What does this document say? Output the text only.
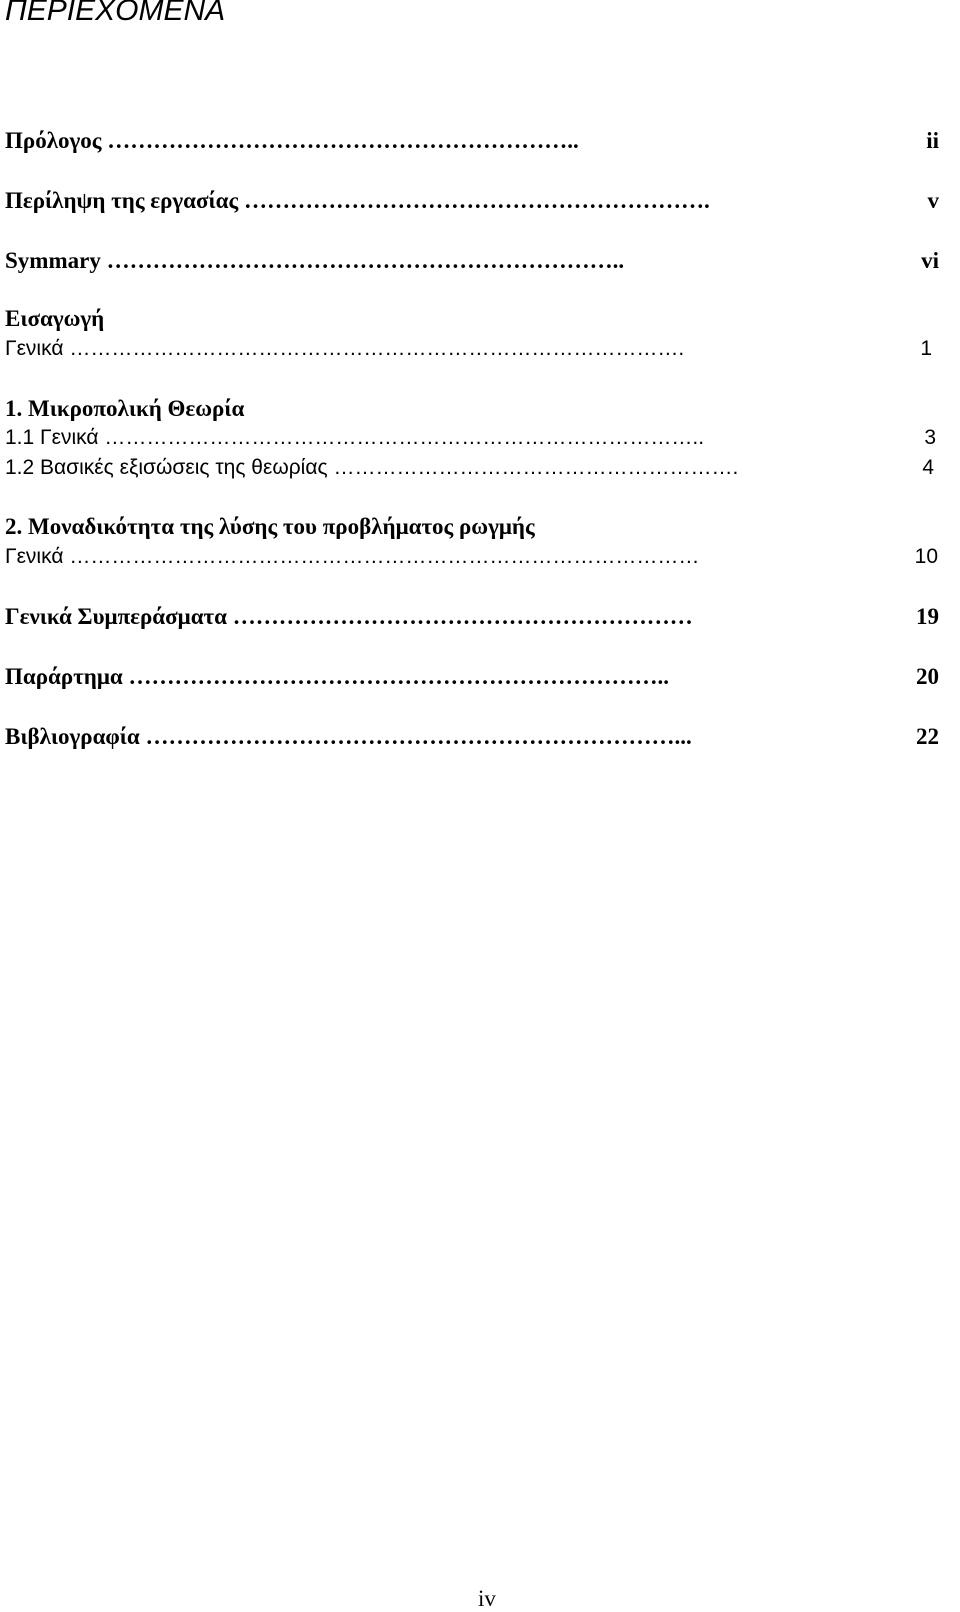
ΠΕΡΙΕΧΟΜΕΝΑ
Πρόλογος ……………………………………………………..	ii
Περίληψη της εργασίας …………………………………………………….	v
Symmary …………………………………………………………..	vi
Εισαγωγή
Γενικά …………………………………………………………………………….	1
1. Μικροπολική Θεωρία
1.1 Γενικά …………………………………………………………………………..	3
1.2 Βασικές εξισώσεις της θεωρίας ………………………………………………….	4
2. Μοναδικότητα της λύσης του προβλήματος ρωγμής
Γενικά ………………………………………………………………………………	10
Γενικά Συμπεράσματα ……………………………………………………	19
Παράρτημα ……………………………………………………………..	20
Βιβλιογραφία ……………………………………………………………...	22
iv
